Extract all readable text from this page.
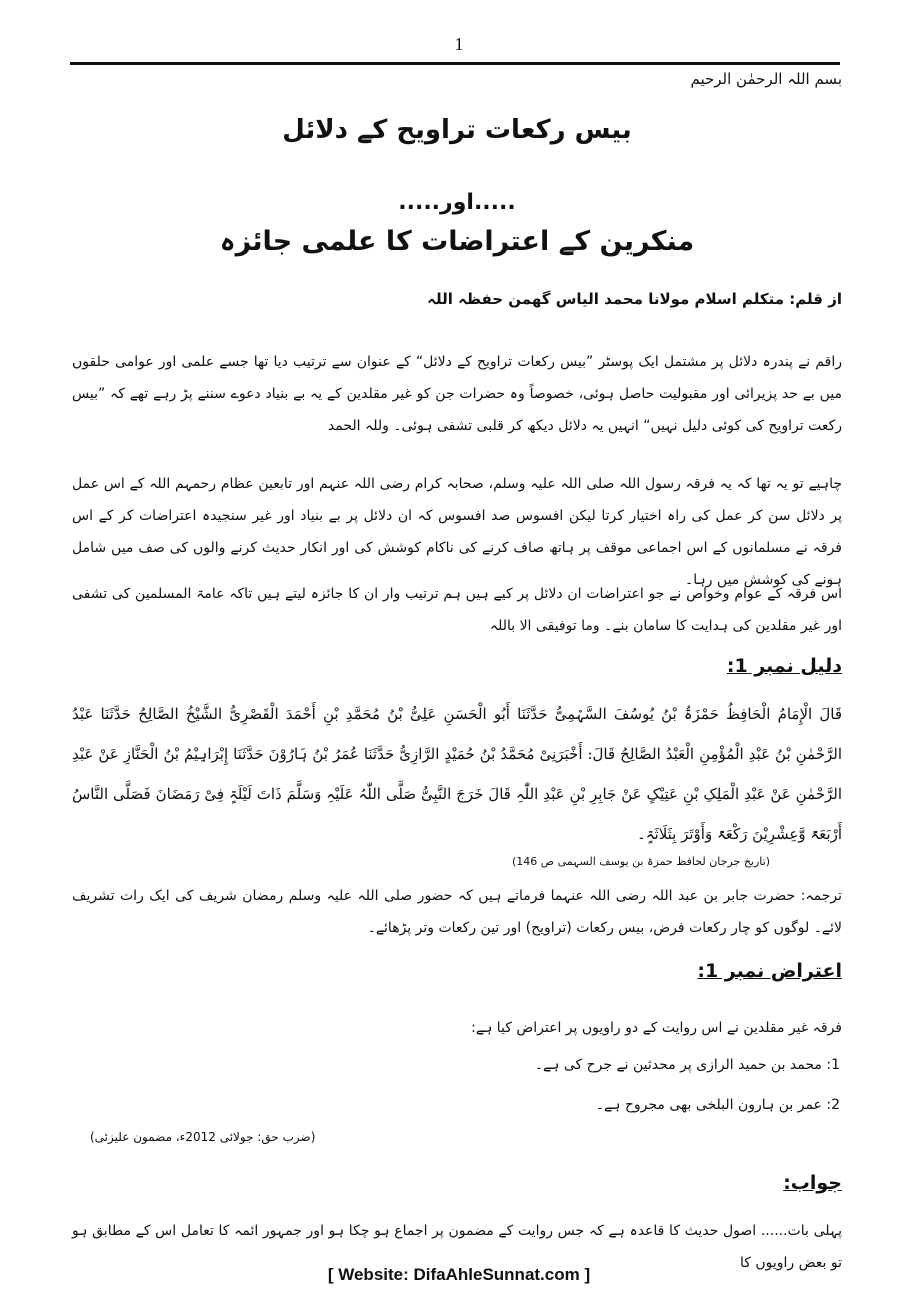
1
بسم اللہ الرحمٰن الرحیم
بیس رکعات تراویح کے دلائل
.....اور.....
منکرین کے اعتراضات کا علمی جائزہ
از قلم: متکلم اسلام مولانا محمد الیاس گھمن حفظہ اللہ
راقم نے پندرہ دلائل پر مشتمل ایک پوسٹر ”بیس رکعات تراویح کے دلائل“ کے عنوان سے ترتیب دیا تھا جسے علمی اور عوامی حلقوں میں بے حد پزیرائی اور مقبولیت حاصل ہوئی، خصوصاً وہ حضرات جن کو غیر مقلدین کے یہ بے بنیاد دعوے سننے پڑ رہے تھے کہ ”بیس رکعت تراویح کی کوئی دلیل نہیں“ انہیں یہ دلائل دیکھ کر قلبی تشفی ہوئی۔ وللہ الحمد
چاہیے تو یہ تھا کہ یہ فرقہ رسول اللہ صلی اللہ علیہ وسلم، صحابہ کرام رضی اللہ عنہم اور تابعین عظام رحمہم اللہ کے اس عمل پر دلائل سن کر عمل کی راہ اختیار کرتا لیکن افسوس صد افسوس کہ ان دلائل پر بے بنیاد اور غیر سنجیدہ اعتراضات کر کے اس فرقہ نے مسلمانوں کے اس اجماعی موقف پر ہاتھ صاف کرنے کی ناکام کوشش کی اور انکار حدیث کرنے والوں کی صف میں شامل ہونے کی کوشش میں رہا۔
اس فرقہ کے عوام وخواص نے جو اعتراضات ان دلائل پر کیے ہیں ہم ترتیب وار ان کا جائزہ لیتے ہیں تاکہ عامۃ المسلمین کی تشفی اور غیر مقلدین کی ہدایت کا سامان بنے۔ وما توفیقی الا باللہ
دلیل نمبر 1:
قَالَ الْإِمَامُ الْحَافِظُ حَمْزَۃُ بْنُ یُوسُفَ السَّہْمِیُّ حَدَّثَنَا أَبُو الْحَسَنِ عَلِیُّ بْنُ مُحَمَّدِ بْنِ أَحْمَدَ الْقَصْرِیُّ الشَّیْخُ الصَّالِحُ حَدَّثَنَا عَبْدُ الرَّحْمٰنِ بْنُ عَبْدِ الْمُؤْمِنِ الْعَبْدُ الصَّالِحُ قَالَ: أَخْبَرَنِیْ مُحَمَّدُ بْنُ حُمَیْدٍ الرَّازِیُّ حَدَّثَنَا عُمَرُ بْنُ ہَارُوْنَ حَدَّثَنَا إِبْرَاہِیْمُ بْنُ الْحَنَّازِ عَنْ عَبْدِ الرَّحْمٰنِ عَنْ عَبْدِ الْمَلِکِ بْنِ عَتِیْکٍ عَنْ جَابِرِ بْنِ عَبْدِ اللّٰہِ قَالَ خَرَجَ النَّبِیُّ صَلَّی اللّٰہُ عَلَیْہِ وَسَلَّمَ ذَاتَ لَیْلَۃٍ فِیْ رَمَضَانَ فَصَلَّی النَّاسُ أَرْبَعَۃً وَّعِشْرِیْنَ رَکْعَۃً وَأَوْتَرَ بِثَلَاثَۃٍ۔
(تاریخ جرجان لحافظ حمزۃ بن یوسف السہمی ص 146)
ترجمہ: حضرت جابر بن عبد اللہ رضی اللہ عنہما فرماتے ہیں کہ حضور صلی اللہ علیہ وسلم رمضان شریف کی ایک رات تشریف لائے۔ لوگوں کو چار رکعات فرض، بیس رکعات (تراویح) اور تین رکعات وتر پڑھائے۔
اعتراض نمبر 1:
فرقہ غیر مقلدین نے اس روایت کے دو راویوں پر اعتراض کیا ہے:
1: محمد بن حمید الرازی پر محدثین نے جرح کی ہے۔
2: عمر بن ہارون البلخی بھی مجروح ہے۔
(ضرب حق: جولائی 2012ء، مضمون علیزئی)
جواب:
پہلی بات...... اصول حدیث کا قاعدہ ہے کہ جس روایت کے مضمون پر اجماع ہو چکا ہو اور جمہور ائمہ کا تعامل اس کے مطابق ہو تو بعض راویوں کا
[ Website: DifaAhleSunnat.com ]
